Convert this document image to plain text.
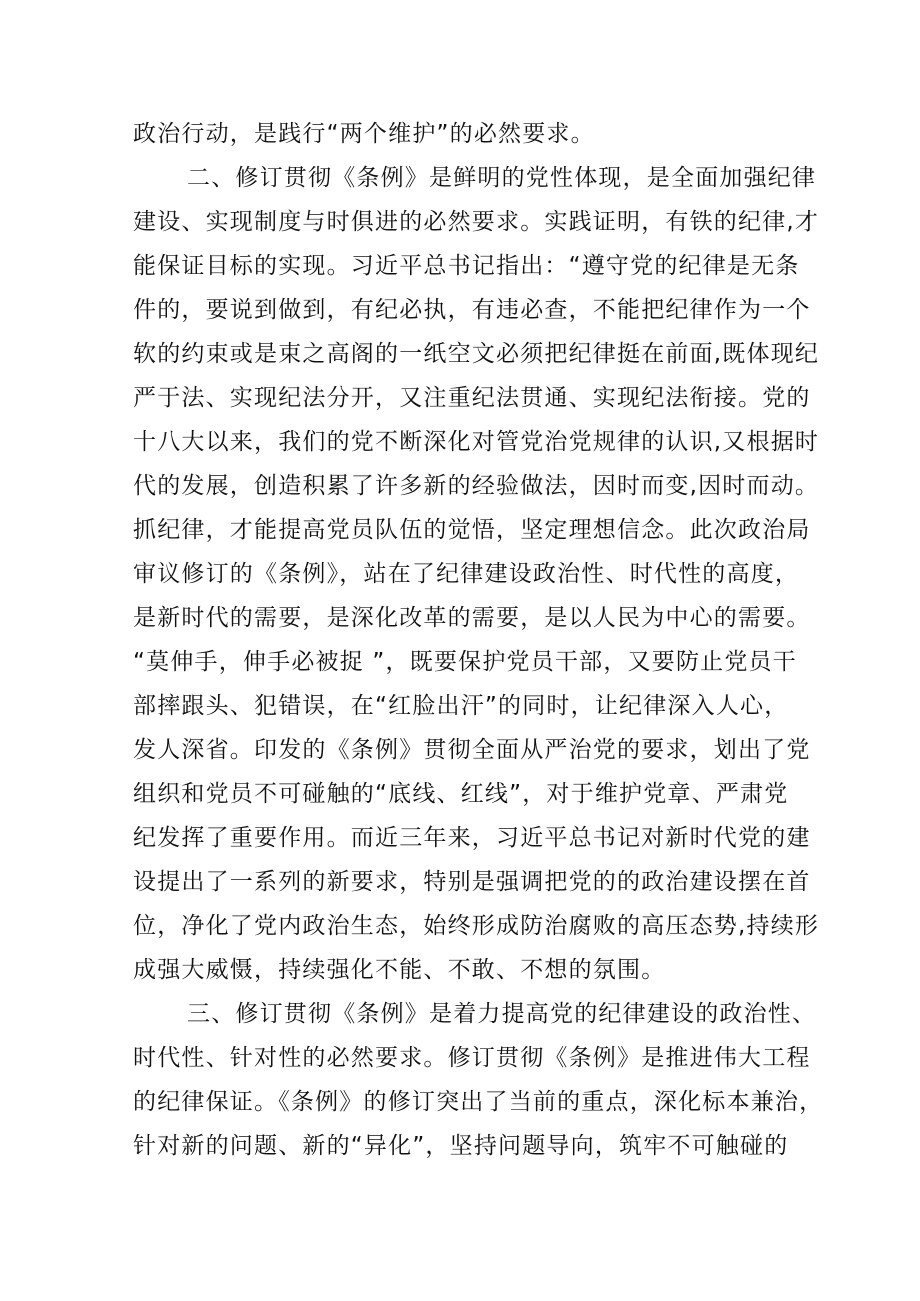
政治行动，是践行“两个维护”的必然要求。
二、修订贯彻《条例》是鲜明的党性体现，是全面加强纪律
建设、实现制度与时俱进的必然要求。实践证明，有铁的纪律,才
能保证目标的实现。习近平总书记指出：“遵守党的纪律是无条
件的，要说到做到，有纪必执，有违必查，不能把纪律作为一个
软的约束或是束之高阁的一纸空文必须把纪律挺在前面,既体现纪
严于法、实现纪法分开，又注重纪法贯通、实现纪法衔接。党的
十八大以来，我们的党不断深化对管党治党规律的认识,又根据时
代的发展，创造积累了许多新的经验做法，因时而变,因时而动。
抓纪律，才能提高党员队伍的觉悟，坚定理想信念。此次政治局
审议修订的《条例》，站在了纪律建设政治性、时代性的高度，
是新时代的需要，是深化改革的需要，是以人民为中心的需要。
“莫伸手，伸手必被捉 ”，既要保护党员干部，又要防止党员干
部摔跟头、犯错误，在“红脸出汗”的同时，让纪律深入人心，
发人深省。印发的《条例》贯彻全面从严治党的要求，划出了党
组织和党员不可碰触的“底线、红线”，对于维护党章、严肃党
纪发挥了重要作用。而近三年来，习近平总书记对新时代党的建
设提出了一系列的新要求，特别是强调把党的的政治建设摆在首
位，净化了党内政治生态，始终形成防治腐败的高压态势,持续形
成强大威慑，持续强化不能、不敢、不想的氛围。
三、修订贯彻《条例》是着力提高党的纪律建设的政治性、
时代性、针对性的必然要求。修订贯彻《条例》是推进伟大工程
的纪律保证。《条例》的修订突出了当前的重点，深化标本兼治，
针对新的问题、新的“异化”，坚持问题导向，筑牢不可触碰的
